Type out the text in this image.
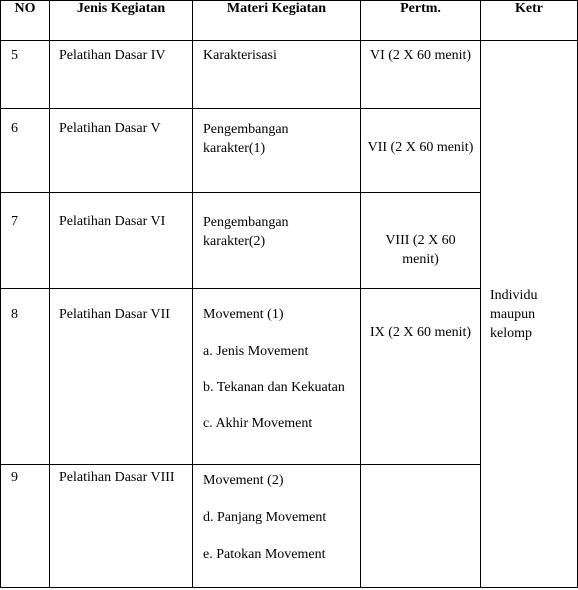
NO	Jenis Kegiatan	Materi Kegiatan	Pertm.	Ketr

5	Pelatihan Dasar IV	Karakterisasi	VI (2 X 60 menit)	Individu maupun kelomp

6	Pelatihan Dasar V	Pengembangan karakter(1)	VII (2 X 60 menit)	

7	Pelatihan Dasar VI	Pengembangan karakter(2)	VIII (2 X 60 menit)	

8	Pelatihan Dasar VII	Movement (1)
a. Jenis Movement
b. Tekanan dan Kekuatan
c. Akhir Movement	IX (2 X 60 menit)	

9	Pelatihan Dasar VIII	Movement (2)
d. Panjang Movement
e. Patokan Movement		
